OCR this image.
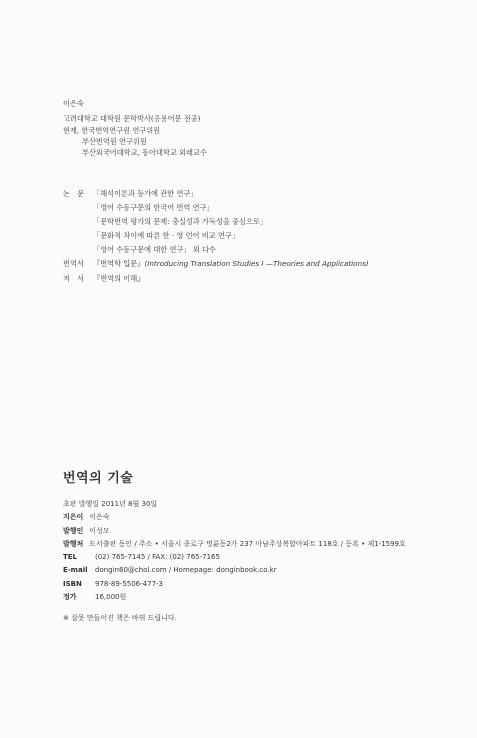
이은숙
고려대학교 대학원 문학박사(응용어문 전공)
현재, 한국번역연구원 연구위원
부산번역원 연구위원
부산외국어대학교, 동아대학교 외래교수
논　문	「해석이론과 등가에 관한 연구」
「영어 수동구문의 한국어 번역 연구」
「문학번역 평가의 문제: 충실성과 가독성을 중심으로」
「문화적 차이에 따른 한 · 영 언어 비교 연구」
「영어 수동구문에 대한 연구」 외 다수
번역서	『번역학 입문』 (Introducing Translation Studies I —Theories and Applications)
저　서	『번역의 이해』
번역의 기술
초판 발행일 2011년 8월 30일
지은이 이은숙
발행인 이성모
발행처 도서출판 동인 / 주소 • 서울시 종로구 명륜동2가 237 아남주상복합아파트 118호 / 등록 • 제1-1599호
TEL	(02) 765-7145 / FAX: (02) 765-7165
E-mail	dongin60@chol.com / Homepage: donginbook.co.kr
ISBN	978-89-5506-477-3
정가	16,000원
※ 잘못 만들어진 책은 바꿔 드립니다.
